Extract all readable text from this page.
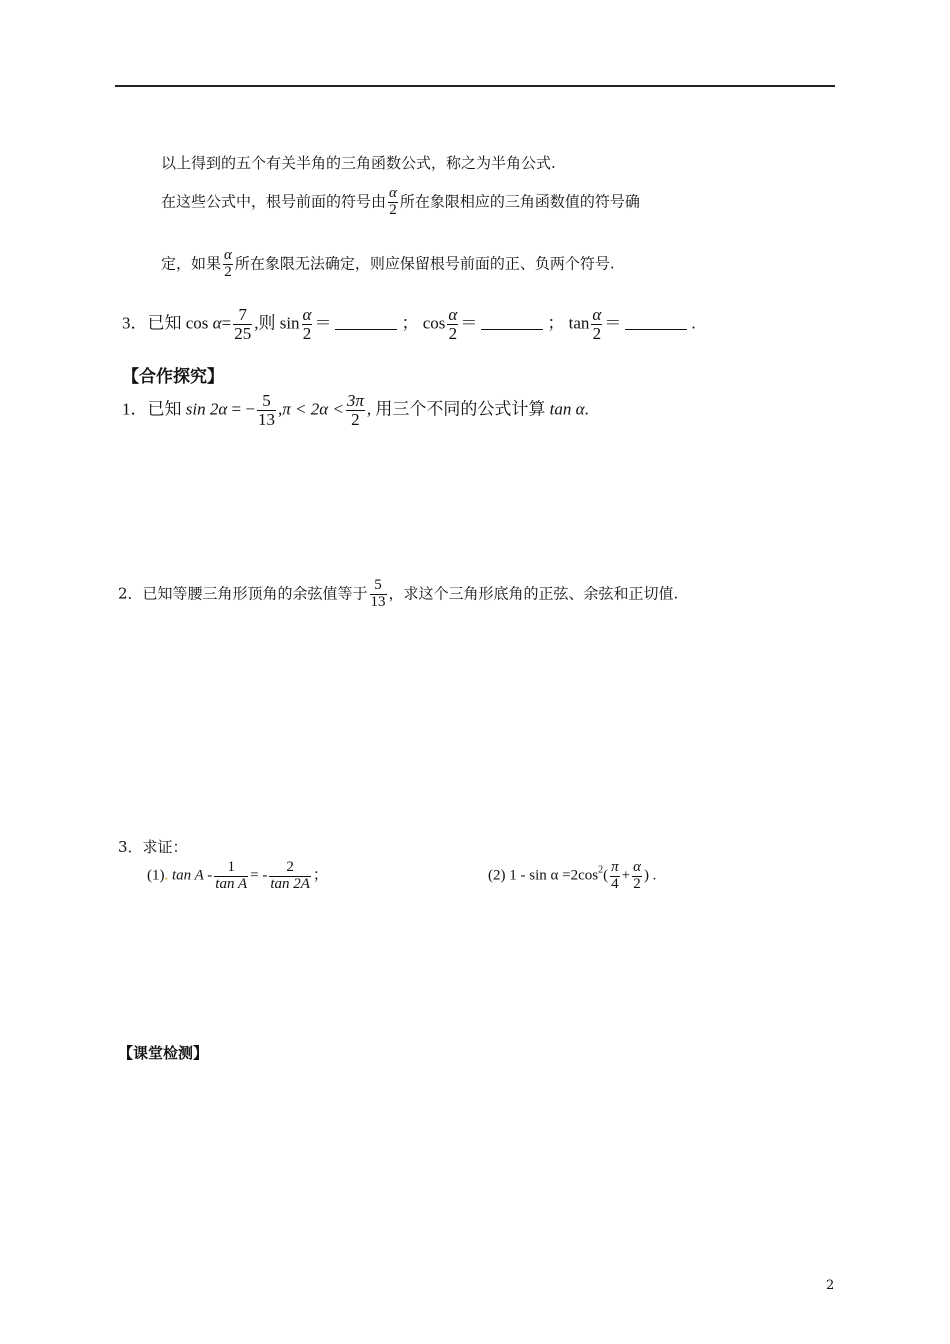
以上得到的五个有关半角的三角函数公式，称之为半角公式.
在这些公式中，根号前面的符号由 $\frac{\alpha}{2}$ 所在象限相应的三角函数值的符号确
定，如果 $\frac{\alpha}{2}$ 所在象限无法确定，则应保留根号前面的正、负两个符号.
3．已知 $\cos \alpha= \frac{7}{25}$ ,则 $\sin \frac{\alpha}{2}$ ＝	； $\cos \frac{\alpha}{2}$ ＝	； $\tan \frac{\alpha}{2}$ ＝	.
【合作探究】
1．已知 sin 2α = − $\frac{5}{13} ,\pi < 2\alpha < \frac{3\pi}{2}$ , 用三个不同的公式计算 tan α.
2．已知等腰三角形顶角的余弦值等于 $\frac{5}{13}$ ，求这个三角形底角的正弦、余弦和正切值.
3．求证：
(1). tan A - $\frac{1}{\text{tan A}}$ = - $\frac{2}{\tan 2A}$ ；	(2) $1 - \sin \alpha =2\cos^2( \frac{\pi}{4} + \frac{\alpha}{2}$ ) .
【课堂检测】
2
